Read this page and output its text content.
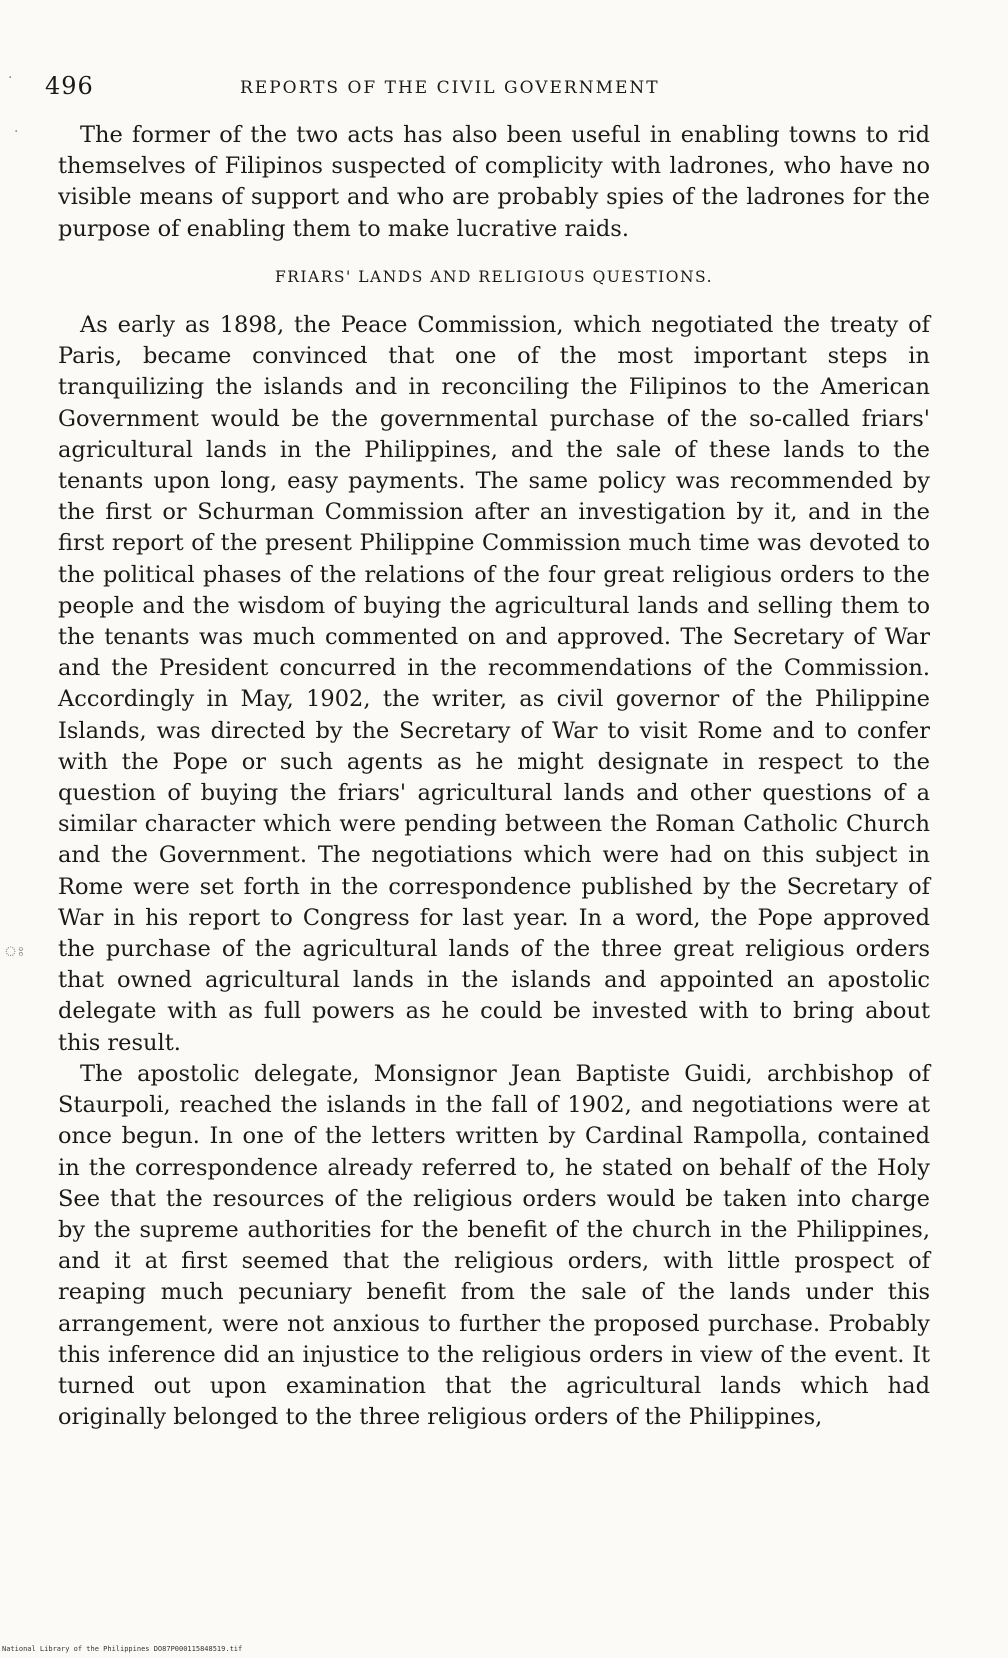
496	REPORTS OF THE CIVIL GOVERNMENT
·
·
ঃ

The former of the two acts has also been useful in enabling towns to rid themselves of Filipinos suspected of complicity with ladrones, who have no visible means of support and who are probably spies of the ladrones for the purpose of enabling them to make lucrative raids.

FRIARS' LANDS AND RELIGIOUS QUESTIONS.

As early as 1898, the Peace Commission, which negotiated the treaty of Paris, became convinced that one of the most important steps in tranquilizing the islands and in reconciling the Filipinos to the American Government would be the governmental purchase of the so-called friars' agricultural lands in the Philippines, and the sale of these lands to the tenants upon long, easy payments. The same policy was recommended by the first or Schurman Commission after an investigation by it, and in the first report of the present Philippine Commission much time was devoted to the political phases of the relations of the four great religious orders to the people and the wisdom of buying the agricultural lands and selling them to the tenants was much commented on and approved. The Secretary of War and the President concurred in the recommendations of the Commission. Accordingly in May, 1902, the writer, as civil governor of the Philippine Islands, was directed by the Secretary of War to visit Rome and to confer with the Pope or such agents as he might designate in respect to the question of buying the friars' agricultural lands and other questions of a similar character which were pending between the Roman Catholic Church and the Government. The negotiations which were had on this subject in Rome were set forth in the correspondence published by the Secretary of War in his report to Congress for last year. In a word, the Pope approved the purchase of the agricultural lands of the three great religious orders that owned agricultural lands in the islands and appointed an apostolic delegate with as full powers as he could be invested with to bring about this result.

The apostolic delegate, Monsignor Jean Baptiste Guidi, archbishop of Staurpoli, reached the islands in the fall of 1902, and negotiations were at once begun. In one of the letters written by Cardinal Rampolla, contained in the correspondence already referred to, he stated on behalf of the Holy See that the resources of the religious orders would be taken into charge by the supreme authorities for the benefit of the church in the Philippines, and it at first seemed that the religious orders, with little prospect of reaping much pecuniary benefit from the sale of the lands under this arrangement, were not anxious to further the proposed purchase. Probably this inference did an injustice to the religious orders in view of the event. It turned out upon examination that the agricultural lands which had originally belonged to the three religious orders of the Philippines,

National Library of the Philippines DO87P000115848519.tif
